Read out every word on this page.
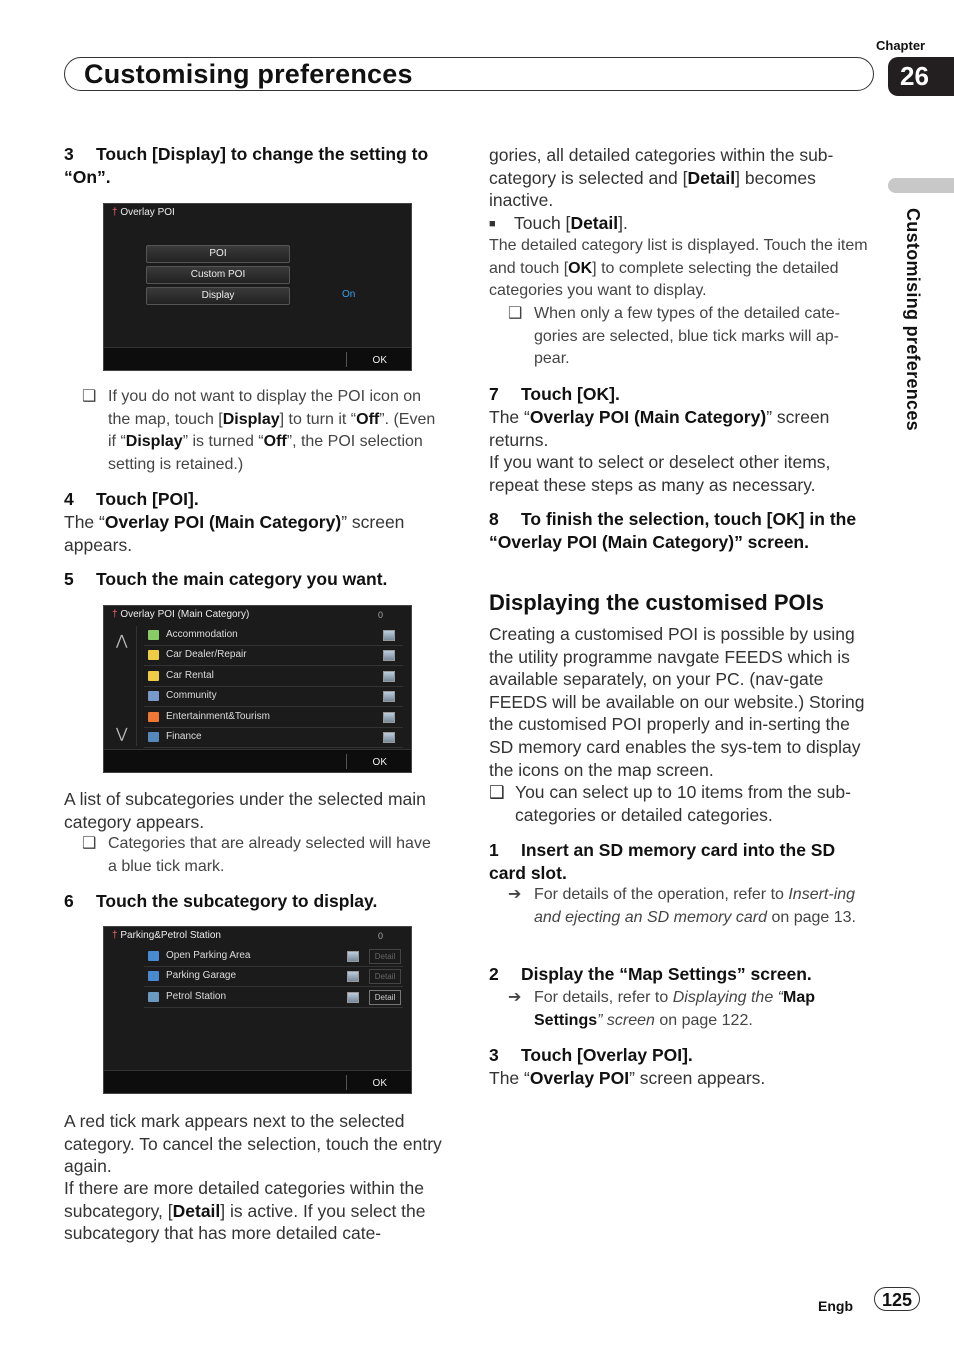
Chapter
26
Customising preferences
Customising preferences
3 Touch [Display] to change the setting to “On”.
† Overlay POI
POI
Custom POI
Display	On
OK
❑ If you do not want to display the POI icon on the map, touch [Display] to turn it “Off”. (Even if “Display” is turned “Off”, the POI selection setting is retained.)
4 Touch [POI].
The “Overlay POI (Main Category)” screen appears.
5 Touch the main category you want.
† Overlay POI (Main Category)	0
⋀
⋁
Accommodation
Car Dealer/Repair
Car Rental
Community
Entertainment&Tourism
Finance
OK
A list of subcategories under the selected main category appears.
❑ Categories that are already selected will have a blue tick mark.
6 Touch the subcategory to display.
† Parking&Petrol Station	0
Open Parking Area	Detail
Parking Garage	Detail
Petrol Station	Detail
OK
A red tick mark appears next to the selected category. To cancel the selection, touch the entry again.
If there are more detailed categories within the subcategory, [Detail] is active. If you select the subcategory that has more detailed cate-
gories, all detailed categories within the sub-category is selected and [Detail] becomes inactive.
■ Touch [Detail].
The detailed category list is displayed. Touch the item and touch [OK] to complete selecting the detailed categories you want to display.
❑ When only a few types of the detailed cate-gories are selected, blue tick marks will ap-pear.
7 Touch [OK].
The “Overlay POI (Main Category)” screen returns.
If you want to select or deselect other items, repeat these steps as many as necessary.
8 To finish the selection, touch [OK] in the “Overlay POI (Main Category)” screen.
Displaying the customised POIs
Creating a customised POI is possible by using the utility programme navgate FEEDS which is available separately, on your PC. (nav-gate FEEDS will be available on our website.) Storing the customised POI properly and in-serting the SD memory card enables the sys-tem to display the icons on the map screen.
❑ You can select up to 10 items from the sub-categories or detailed categories.
1 Insert an SD memory card into the SD card slot.
➔ For details of the operation, refer to Insert-ing and ejecting an SD memory card on page 13.
2 Display the “Map Settings” screen.
➔ For details, refer to Displaying the “Map Settings” screen on page 122.
3 Touch [Overlay POI].
The “Overlay POI” screen appears.
Engb	125
